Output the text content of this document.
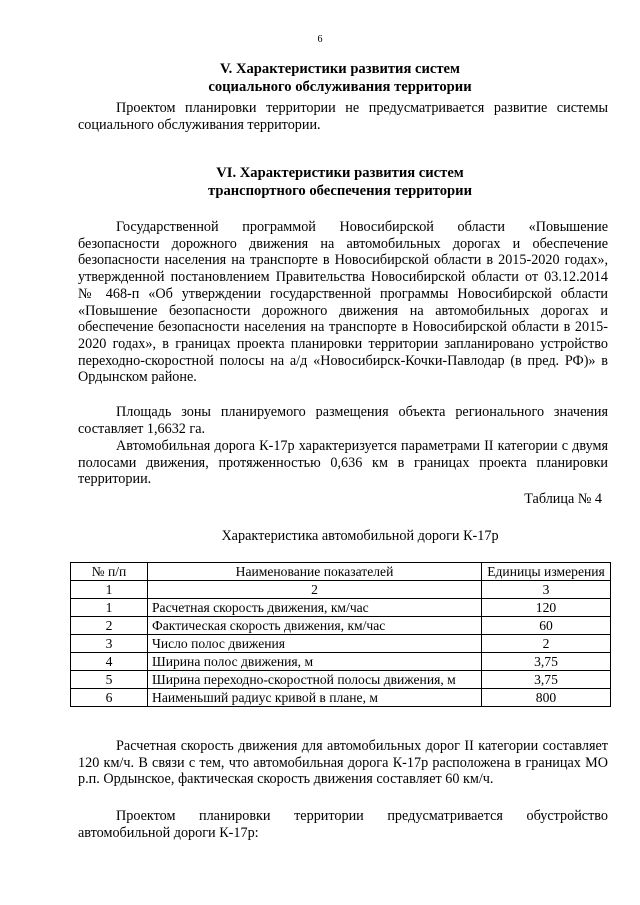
6
V. Характеристики развития систем
социального обслуживания территории

Проектом планировки территории не предусматривается развитие системы социального обслуживания территории.

VI. Характеристики развития систем
транспортного обеспечения территории

Государственной программой Новосибирской области «Повышение безопасности дорожного движения на автомобильных дорогах и обеспечение безопасности населения на транспорте в Новосибирской области в 2015-2020 годах», утвержденной постановлением Правительства Новосибирской области от 03.12.2014 № 468-п «Об утверждении государственной программы Новосибирской области «Повышение безопасности дорожного движения на автомобильных дорогах и обеспечение безопасности населения на транспорте в Новосибирской области в 2015-2020 годах», в границах проекта планировки территории запланировано устройство переходно-скоростной полосы на а/д «Новосибирск-Кочки-Павлодар (в пред. РФ)» в Ордынском районе.

Площадь зоны планируемого размещения объекта регионального значения составляет 1,6632 га.

Автомобильная дорога К-17р характеризуется параметрами II категории с двумя полосами движения, протяженностью 0,636 км в границах проекта планировки территории.

Таблица № 4
Характеристика автомобильной дороги К-17р
№ п/п	Наименование показателей	Единицы измерения
1	2	3
1	Расчетная скорость движения, км/час	120
2	Фактическая скорость движения, км/час	60
3	Число полос движения	2
4	Ширина полос движения, м	3,75
5	Ширина переходно-скоростной полосы движения, м	3,75
6	Наименьший радиус кривой в плане, м	800

Расчетная скорость движения для автомобильных дорог II категории составляет 120 км/ч. В связи с тем, что автомобильная дорога К-17р расположена в границах МО р.п. Ордынское, фактическая скорость движения составляет 60 км/ч.

Проектом планировки территории предусматривается обустройство автомобильной дороги К-17р:
